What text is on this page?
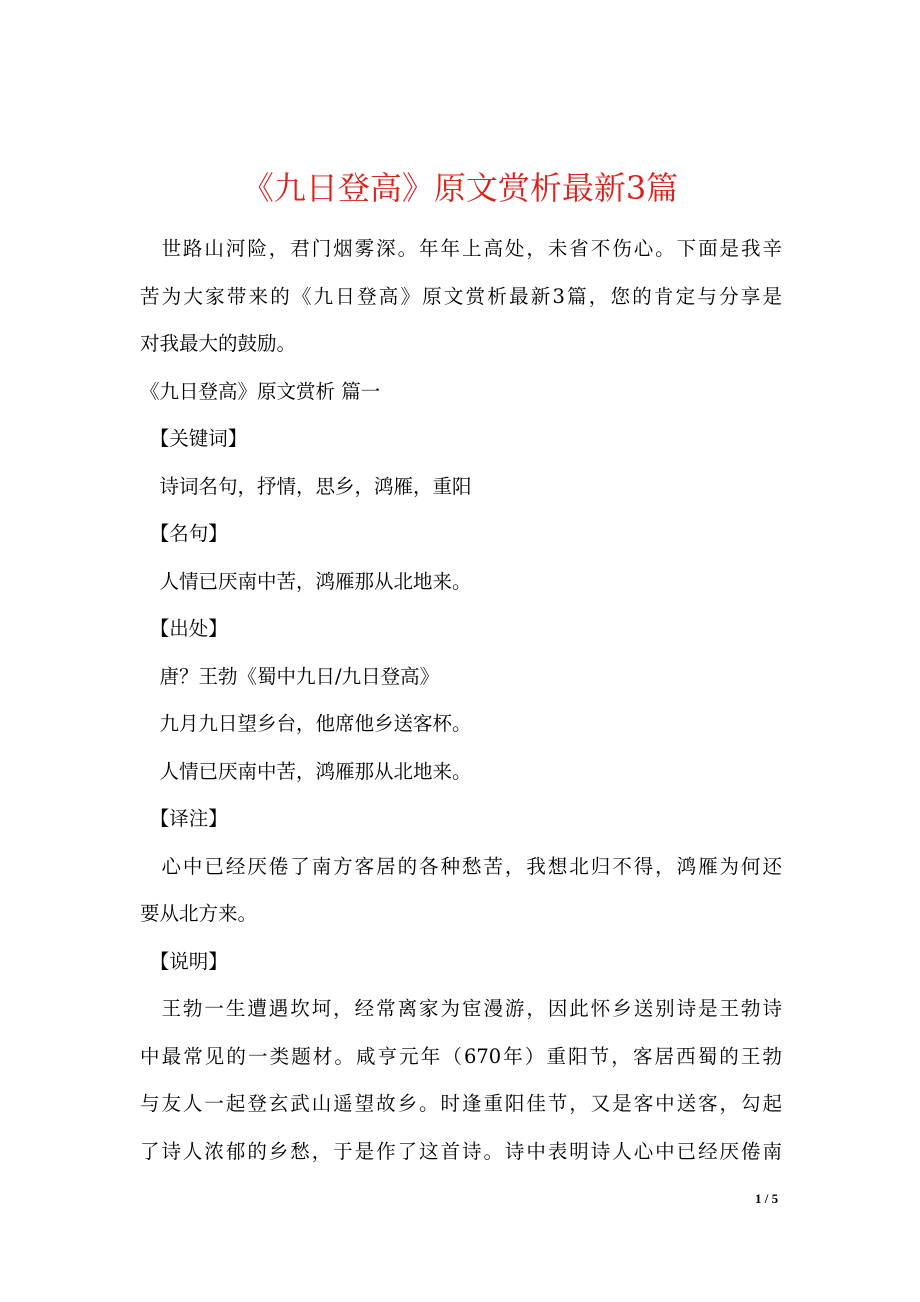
《九日登高》原文赏析最新3篇
　世路山河险，君门烟雾深。年年上高处，未省不伤心。下面是我辛
苦为大家带来的《九日登高》原文赏析最新3篇，您的肯定与分享是
对我最大的鼓励。
《九日登高》原文赏析 篇一
　【关键词】
　诗词名句，抒情，思乡，鸿雁，重阳
　【名句】
　人情已厌南中苦，鸿雁那从北地来。
　【出处】
　唐？王勃《蜀中九日/九日登高》
　九月九日望乡台，他席他乡送客杯。
　人情已厌南中苦，鸿雁那从北地来。
　【译注】
　心中已经厌倦了南方客居的各种愁苦，我想北归不得，鸿雁为何还
要从北方来。
　【说明】
　王勃一生遭遇坎坷，经常离家为宦漫游，因此怀乡送别诗是王勃诗
中最常见的一类题材。咸亨元年（670年）重阳节，客居西蜀的王勃
与友人一起登玄武山遥望故乡。时逢重阳佳节，又是客中送客，勾起
了诗人浓郁的乡愁，于是作了这首诗。诗中表明诗人心中已经厌倦南
1 / 5
